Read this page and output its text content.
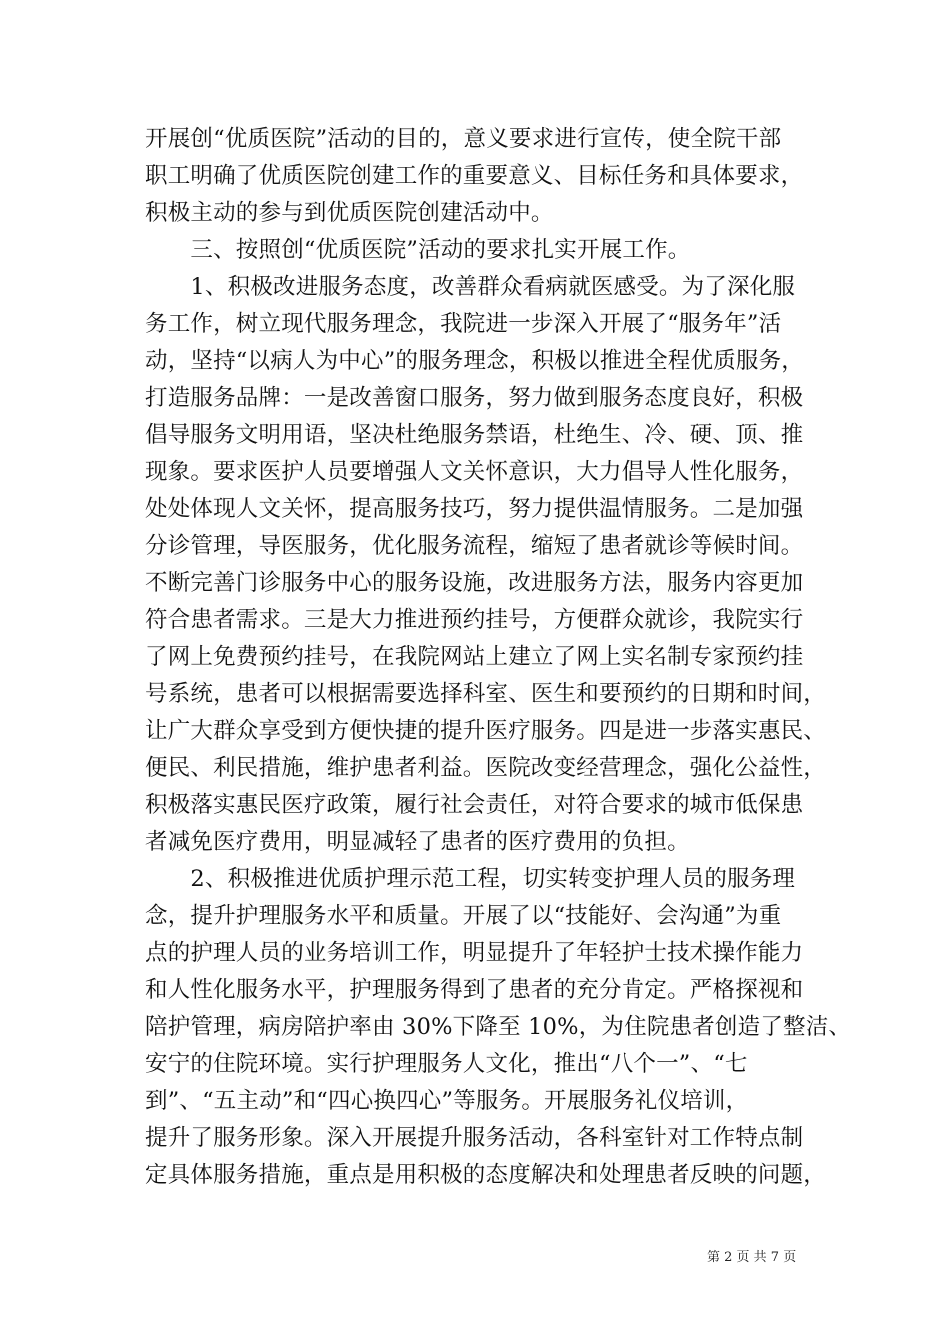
开展创“优质医院”活动的目的，意义要求进行宣传，使全院干部
职工明确了优质医院创建工作的重要意义、目标任务和具体要求，
积极主动的参与到优质医院创建活动中。
　　三、按照创“优质医院”活动的要求扎实开展工作。
　　1、积极改进服务态度，改善群众看病就医感受。为了深化服
务工作，树立现代服务理念，我院进一步深入开展了“服务年”活
动，坚持“以病人为中心”的服务理念，积极以推进全程优质服务，
打造服务品牌：一是改善窗口服务，努力做到服务态度良好，积极
倡导服务文明用语，坚决杜绝服务禁语，杜绝生、冷、硬、顶、推
现象。要求医护人员要增强人文关怀意识，大力倡导人性化服务，
处处体现人文关怀，提高服务技巧，努力提供温情服务。二是加强
分诊管理，导医服务，优化服务流程，缩短了患者就诊等候时间。
不断完善门诊服务中心的服务设施，改进服务方法，服务内容更加
符合患者需求。三是大力推进预约挂号，方便群众就诊，我院实行
了网上免费预约挂号，在我院网站上建立了网上实名制专家预约挂
号系统，患者可以根据需要选择科室、医生和要预约的日期和时间，
让广大群众享受到方便快捷的提升医疗服务。四是进一步落实惠民、
便民、利民措施，维护患者利益。医院改变经营理念，强化公益性，
积极落实惠民医疗政策，履行社会责任，对符合要求的城市低保患
者减免医疗费用，明显减轻了患者的医疗费用的负担。
　　2、积极推进优质护理示范工程，切实转变护理人员的服务理
念，提升护理服务水平和质量。开展了以“技能好、会沟通”为重
点的护理人员的业务培训工作，明显提升了年轻护士技术操作能力
和人性化服务水平，护理服务得到了患者的充分肯定。严格探视和
陪护管理，病房陪护率由 30%下降至 10%，为住院患者创造了整洁、
安宁的住院环境。实行护理服务人文化，推出“八个一”、“七
到”、“五主动”和“四心换四心”等服务。开展服务礼仪培训，
提升了服务形象。深入开展提升服务活动，各科室针对工作特点制
定具体服务措施，重点是用积极的态度解决和处理患者反映的问题，
第 2 页 共 7 页
